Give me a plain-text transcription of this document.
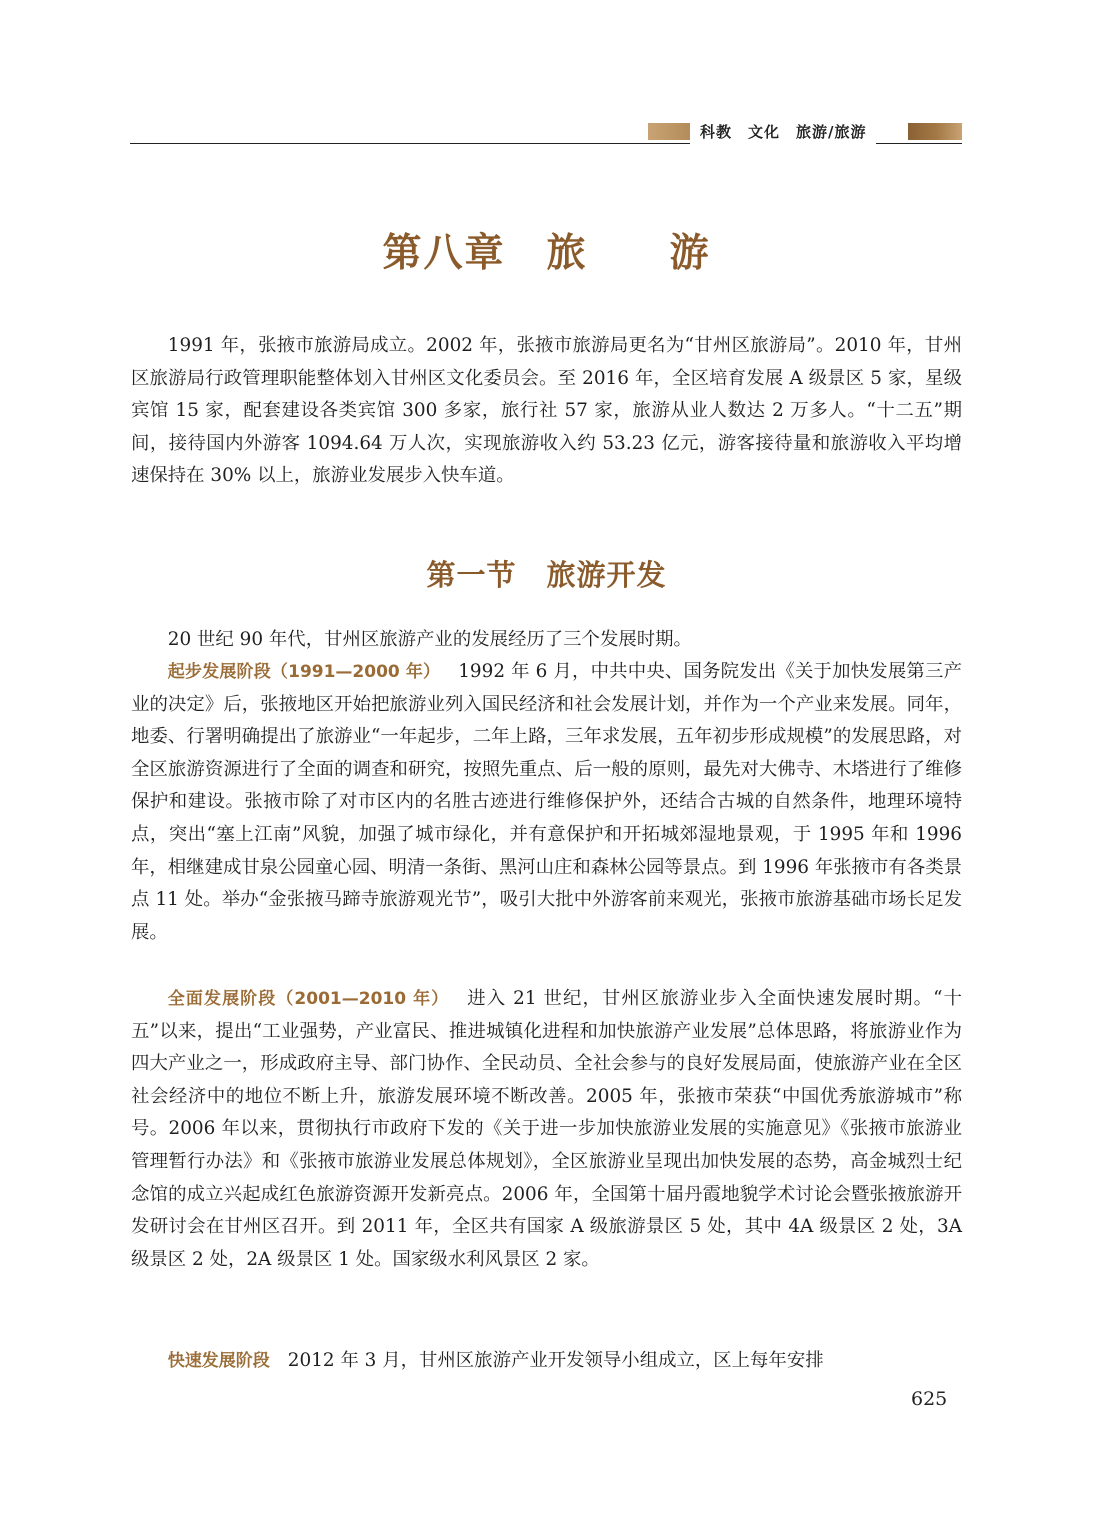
科教　文化　旅游/旅游
第八章　旅　　游

1991 年，张掖市旅游局成立。2002 年，张掖市旅游局更名为“甘州区旅游局”。2010 年，甘州区旅游局行政管理职能整体划入甘州区文化委员会。至 2016 年，全区培育发展 A 级景区 5 家，星级宾馆 15 家，配套建设各类宾馆 300 多家，旅行社 57 家，旅游从业人数达 2 万多人。“十二五”期间，接待国内外游客 1094.64 万人次，实现旅游收入约 53.23 亿元，游客接待量和旅游收入平均增速保持在 30% 以上，旅游业发展步入快车道。

第一节　旅游开发

20 世纪 90 年代，甘州区旅游产业的发展经历了三个发展时期。

起步发展阶段（1991—2000 年） 1992 年 6 月，中共中央、国务院发出《关于加快发展第三产业的决定》后，张掖地区开始把旅游业列入国民经济和社会发展计划，并作为一个产业来发展。同年，地委、行署明确提出了旅游业“一年起步，二年上路，三年求发展，五年初步形成规模”的发展思路，对全区旅游资源进行了全面的调查和研究，按照先重点、后一般的原则，最先对大佛寺、木塔进行了维修保护和建设。张掖市除了对市区内的名胜古迹进行维修保护外，还结合古城的自然条件，地理环境特点，突出“塞上江南”风貌，加强了城市绿化，并有意保护和开拓城郊湿地景观，于 1995 年和 1996 年，相继建成甘泉公园童心园、明清一条街、黑河山庄和森林公园等景点。到 1996 年张掖市有各类景点 11 处。举办“金张掖马蹄寺旅游观光节”，吸引大批中外游客前来观光，张掖市旅游基础市场长足发展。

全面发展阶段（2001—2010 年） 进入 21 世纪，甘州区旅游业步入全面快速发展时期。“十五”以来，提出“工业强势，产业富民、推进城镇化进程和加快旅游产业发展”总体思路，将旅游业作为四大产业之一，形成政府主导、部门协作、全民动员、全社会参与的良好发展局面，使旅游产业在全区社会经济中的地位不断上升，旅游发展环境不断改善。2005 年，张掖市荣获“中国优秀旅游城市”称号。2006 年以来，贯彻执行市政府下发的《关于进一步加快旅游业发展的实施意见》《张掖市旅游业管理暂行办法》和《张掖市旅游业发展总体规划》，全区旅游业呈现出加快发展的态势，高金城烈士纪念馆的成立兴起成红色旅游资源开发新亮点。2006 年，全国第十届丹霞地貌学术讨论会暨张掖旅游开发研讨会在甘州区召开。到 2011 年，全区共有国家 A 级旅游景区 5 处，其中 4A 级景区 2 处，3A 级景区 2 处，2A 级景区 1 处。国家级水利风景区 2 家。

快速发展阶段 2012 年 3 月，甘州区旅游产业开发领导小组成立，区上每年安排

625
